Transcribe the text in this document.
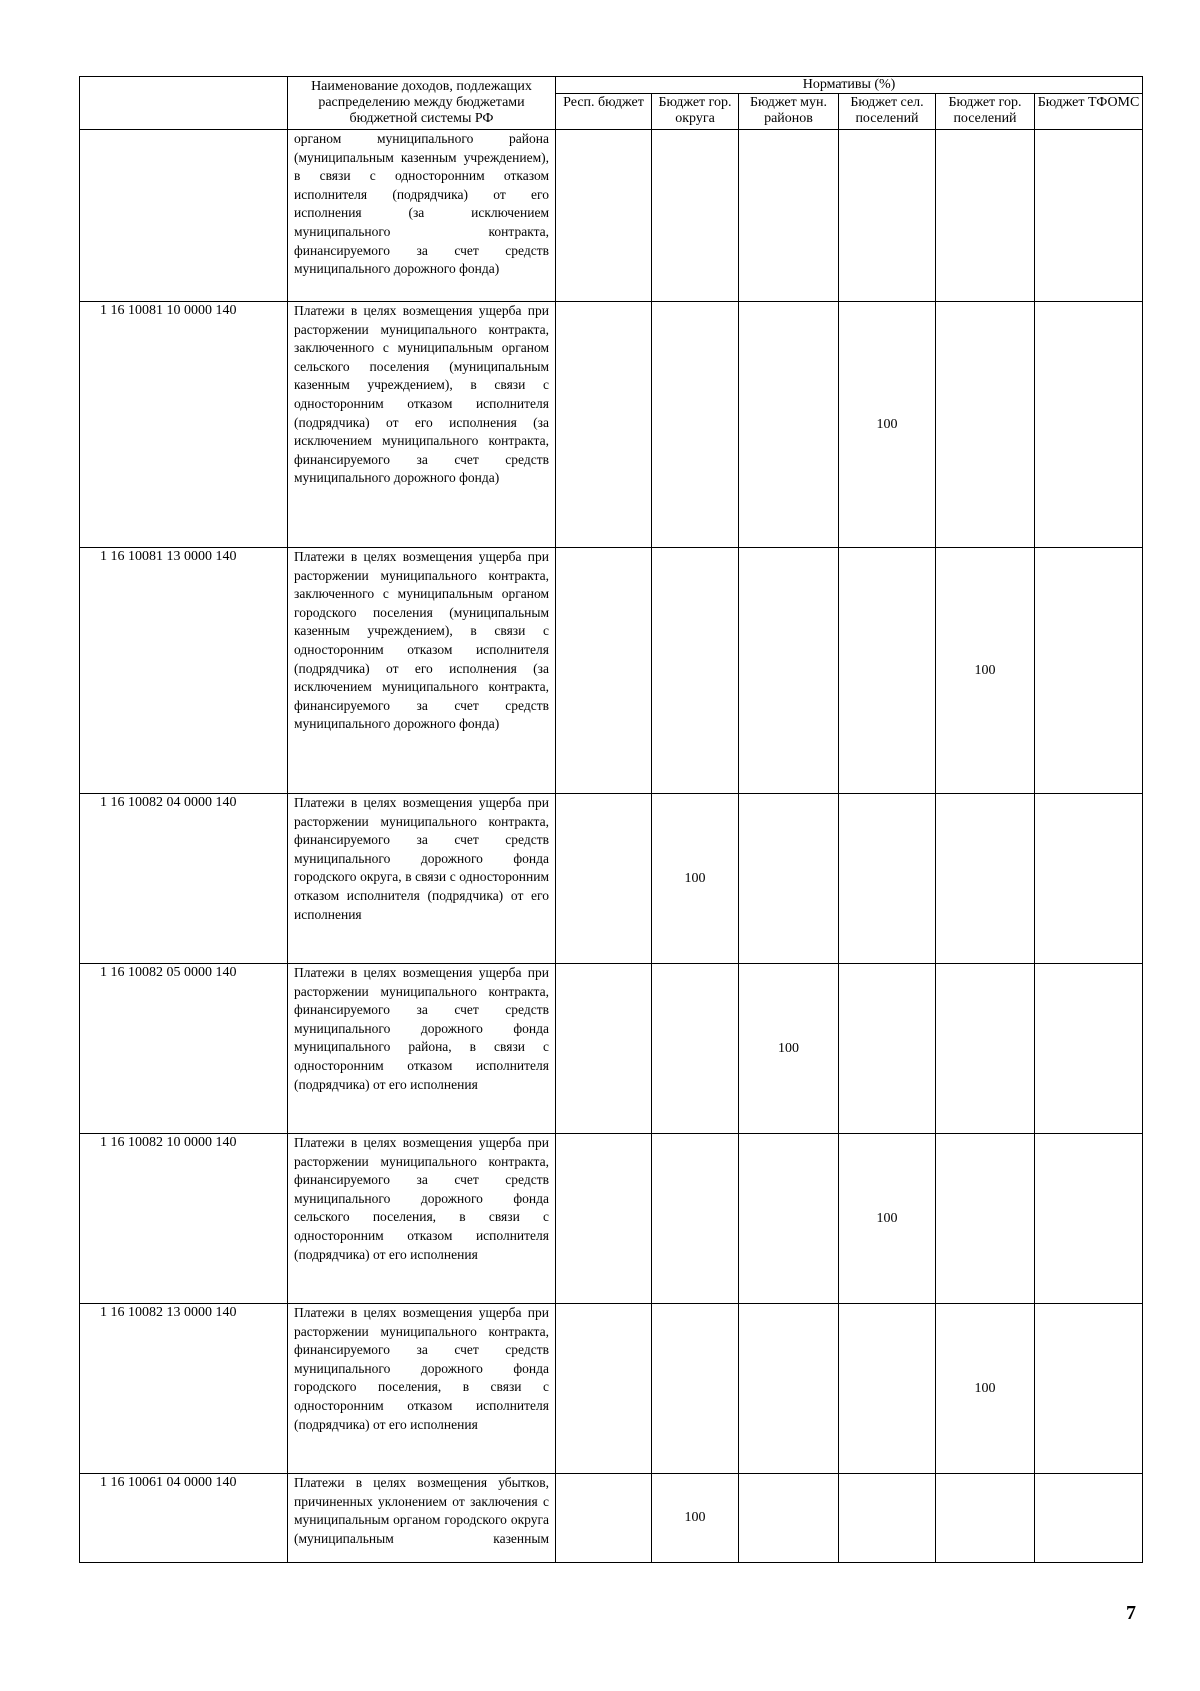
	Наименование доходов, подлежащих распределению между бюджетами бюджетной системы РФ	Нормативы (%)					
		Респ. бюджет	Бюджет гор. округа	Бюджет мун. районов	Бюджет сел. поселений	Бюджет гор. поселений	Бюджет ТФОМС
	органом муниципального района (муниципальным казенным учреждением), в связи с односторонним отказом исполнителя (подрядчика) от его исполнения (за исключением муниципального контракта, финансируемого за счет средств муниципального дорожного фонда)						
1 16 10081 10 0000 140	Платежи в целях возмещения ущерба при расторжении муниципального контракта, заключенного с муниципальным органом сельского поселения (муниципальным казенным учреждением), в связи с односторонним отказом исполнителя (подрядчика) от его исполнения (за исключением муниципального контракта, финансируемого за счет средств муниципального дорожного фонда)				100		
1 16 10081 13 0000 140	Платежи в целях возмещения ущерба при расторжении муниципального контракта, заключенного с муниципальным органом городского поселения (муниципальным казенным учреждением), в связи с односторонним отказом исполнителя (подрядчика) от его исполнения (за исключением муниципального контракта, финансируемого за счет средств муниципального дорожного фонда)					100	
1 16 10082 04 0000 140	Платежи в целях возмещения ущерба при расторжении муниципального контракта, финансируемого за счет средств муниципального дорожного фонда городского округа, в связи с односторонним отказом исполнителя (подрядчика) от его исполнения		100				
1 16 10082 05 0000 140	Платежи в целях возмещения ущерба при расторжении муниципального контракта, финансируемого за счет средств муниципального дорожного фонда муниципального района, в связи с односторонним отказом исполнителя (подрядчика) от его исполнения			100			
1 16 10082 10 0000 140	Платежи в целях возмещения ущерба при расторжении муниципального контракта, финансируемого за счет средств муниципального дорожного фонда сельского поселения, в связи с односторонним отказом исполнителя (подрядчика) от его исполнения				100		
1 16 10082 13 0000 140	Платежи в целях возмещения ущерба при расторжении муниципального контракта, финансируемого за счет средств муниципального дорожного фонда городского поселения, в связи с односторонним отказом исполнителя (подрядчика) от его исполнения					100	
1 16 10061 04 0000 140	Платежи в целях возмещения убытков, причиненных уклонением от заключения с муниципальным органом городского округа (муниципальным казенным		100				
7
